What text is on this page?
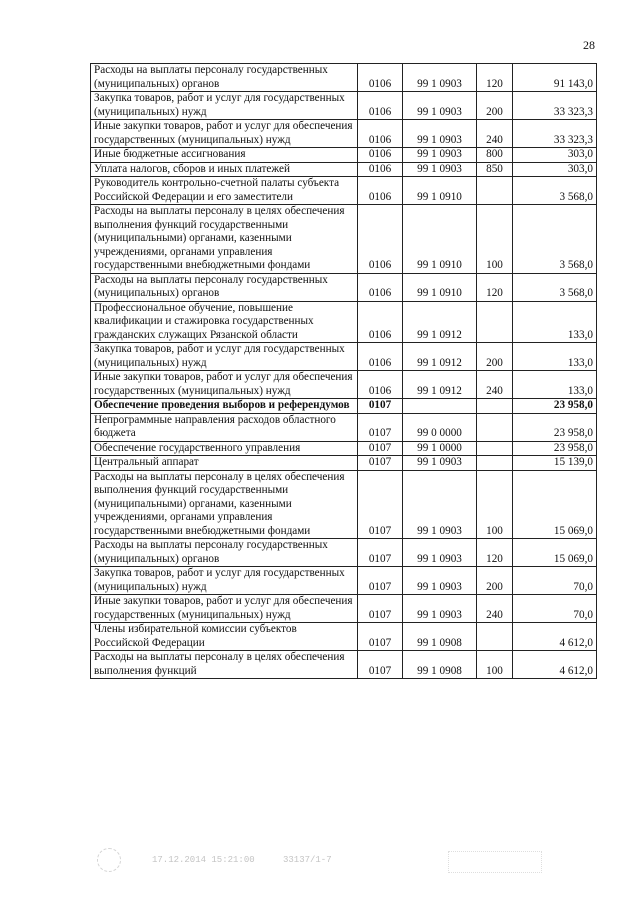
28
Расходы на выплаты персоналу государственных (муниципальных) органов	0106	99 1 0903	120	91 143,0
Закупка товаров, работ и услуг для государственных (муниципальных) нужд	0106	99 1 0903	200	33 323,3
Иные закупки товаров, работ и услуг для обеспечения государственных (муниципальных) нужд	0106	99 1 0903	240	33 323,3
Иные бюджетные ассигнования	0106	99 1 0903	800	303,0
Уплата налогов, сборов и иных платежей	0106	99 1 0903	850	303,0
Руководитель контрольно-счетной палаты субъекта Российской Федерации и его заместители	0106	99 1 0910		3 568,0
Расходы на выплаты персоналу в целях обеспечения выполнения функций государственными (муниципальными) органами, казенными учреждениями, органами управления государственными внебюджетными фондами	0106	99 1 0910	100	3 568,0
Расходы на выплаты персоналу государственных (муниципальных) органов	0106	99 1 0910	120	3 568,0
Профессиональное обучение, повышение квалификации и стажировка государственных гражданских служащих Рязанской области	0106	99 1 0912		133,0
Закупка товаров, работ и услуг для государственных (муниципальных) нужд	0106	99 1 0912	200	133,0
Иные закупки товаров, работ и услуг для обеспечения государственных (муниципальных) нужд	0106	99 1 0912	240	133,0
Обеспечение проведения выборов и референдумов	0107			23 958,0
Непрограммные направления расходов областного бюджета	0107	99 0 0000		23 958,0
Обеспечение государственного управления	0107	99 1 0000		23 958,0
Центральный аппарат	0107	99 1 0903		15 139,0
Расходы на выплаты персоналу в целях обеспечения выполнения функций государственными (муниципальными) органами, казенными учреждениями, органами управления государственными внебюджетными фондами	0107	99 1 0903	100	15 069,0
Расходы на выплаты персоналу государственных (муниципальных) органов	0107	99 1 0903	120	15 069,0
Закупка товаров, работ и услуг для государственных (муниципальных) нужд	0107	99 1 0903	200	70,0
Иные закупки товаров, работ и услуг для обеспечения государственных (муниципальных) нужд	0107	99 1 0903	240	70,0
Члены избирательной комиссии субъектов Российской Федерации	0107	99 1 0908		4 612,0
Расходы на выплаты персоналу в целях обеспечения выполнения функций	0107	99 1 0908	100	4 612,0
17.12.2014 15:21:00	33137/1-7
